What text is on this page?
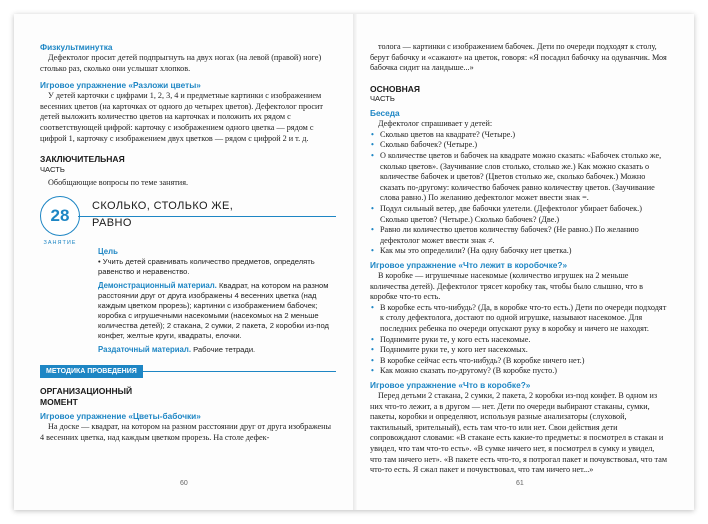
Физкультминутка

Дефектолог просит детей подпрыгнуть на двух ногах (на левой (правой) ноге) столько раз, сколько они услышат хлопков.

Игровое упражнение «Разложи цветы»

У детей карточки с цифрами 1, 2, 3, 4 и предметные картинки с изображением весенних цветов (на карточках от одного до четырех цветов). Дефектолог просит детей выложить количество цветов на карточках и положить их рядом с соответствующей цифрой: карточку с изображением одного цветка — рядом с цифрой 1, карточку с изображением двух цветков — рядом с цифрой 2 и т. д.

ЗАКЛЮЧИТЕЛЬНАЯ

ЧАСТЬ

Обобщающие вопросы по теме занятия.

28
ЗАНЯТИЕ
СКОЛЬКО, СТОЛЬКО ЖЕ,
РАВНО

Цель

• Учить детей сравнивать количество предметов, определять равенство и неравенство.

Демонстрационный материал. Квадрат, на котором на разном расстоянии друг от друга изображены 4 весенних цветка (над каждым цветком прорезь); картинки с изображением бабочек; коробка с игрушечными насекомыми (насекомых на 2 меньше количества детей); 2 стакана, 2 сумки, 2 пакета, 2 коробки из-под конфет, желтые круги, квадраты, елочки.

Раздаточный материал. Рабочие тетради.

МЕТОДИКА ПРОВЕДЕНИЯ

ОРГАНИЗАЦИОННЫЙ

МОМЕНТ

Игровое упражнение «Цветы-бабочки»

На доске — квадрат, на котором на разном расстоянии друг от друга изображены 4 весенних цветка, над каждым цветком прорезь. На столе дефек-

60

толога — картинки с изображением бабочек. Дети по очереди подходят к столу, берут бабочку и «сажают» на цветок, говоря: «Я посадил бабочку на одуванчик. Моя бабочка сидит на ландыше...»

ОСНОВНАЯ

ЧАСТЬ

Беседа

Дефектолог спрашивает у детей:

• Сколько цветов на квадрате? (Четыре.)
• Сколько бабочек? (Четыре.)
• О количестве цветов и бабочек на квадрате можно сказать: «Бабочек столько же, сколько цветов». (Заучивание слов столько, столько же.) Как можно сказать о количестве бабочек и цветов? (Цветов столько же, сколько бабочек.) Можно сказать по-другому: количество бабочек равно количеству цветов. (Заучивание слова равно.) По желанию дефектолог может ввести знак =.
• Подул сильный ветер, две бабочки улетели. (Дефектолог убирает бабочек.) Сколько цветов? (Четыре.) Сколько бабочек? (Две.)
• Равно ли количество цветов количеству бабочек? (Не равно.) По желанию дефектолог может ввести знак ≠.
• Как мы это определили? (На одну бабочку нет цветка.)

Игровое упражнение «Что лежит в коробочке?»

В коробке — игрушечные насекомые (количество игрушек на 2 меньше количества детей). Дефектолог трясет коробку так, чтобы было слышно, что в коробке что-то есть.

• В коробке есть что-нибудь? (Да, в коробке что-то есть.) Дети по очереди подходят к столу дефектолога, достают по одной игрушке, называют насекомое. Для последних ребенка по очереди опускают руку в коробку и ничего не находят.
• Поднимите руки те, у кого есть насекомые.
• Поднимите руки те, у кого нет насекомых.
• В коробке сейчас есть что-нибудь? (В коробке ничего нет.)
• Как можно сказать по-другому? (В коробке пусто.)

Игровое упражнение «Что в коробке?»

Перед детьми 2 стакана, 2 сумки, 2 пакета, 2 коробки из-под конфет. В одном из них что-то лежит, а в другом — нет. Дети по очереди выбирают стаканы, сумки, пакеты, коробки и определяют, используя разные анализаторы (слуховой, тактильный, зрительный), есть там что-то или нет. Свои действия дети сопровождают словами: «В стакане есть какие-то предметы: я посмотрел в стакан и увидел, что там что-то есть». «В сумке ничего нет, я посмотрел в сумку и увидел, что там ничего нет». «В пакете есть что-то, я потрогал пакет и почувствовал, что там что-то есть. Я сжал пакет и почувствовал, что там ничего нет...»

61
